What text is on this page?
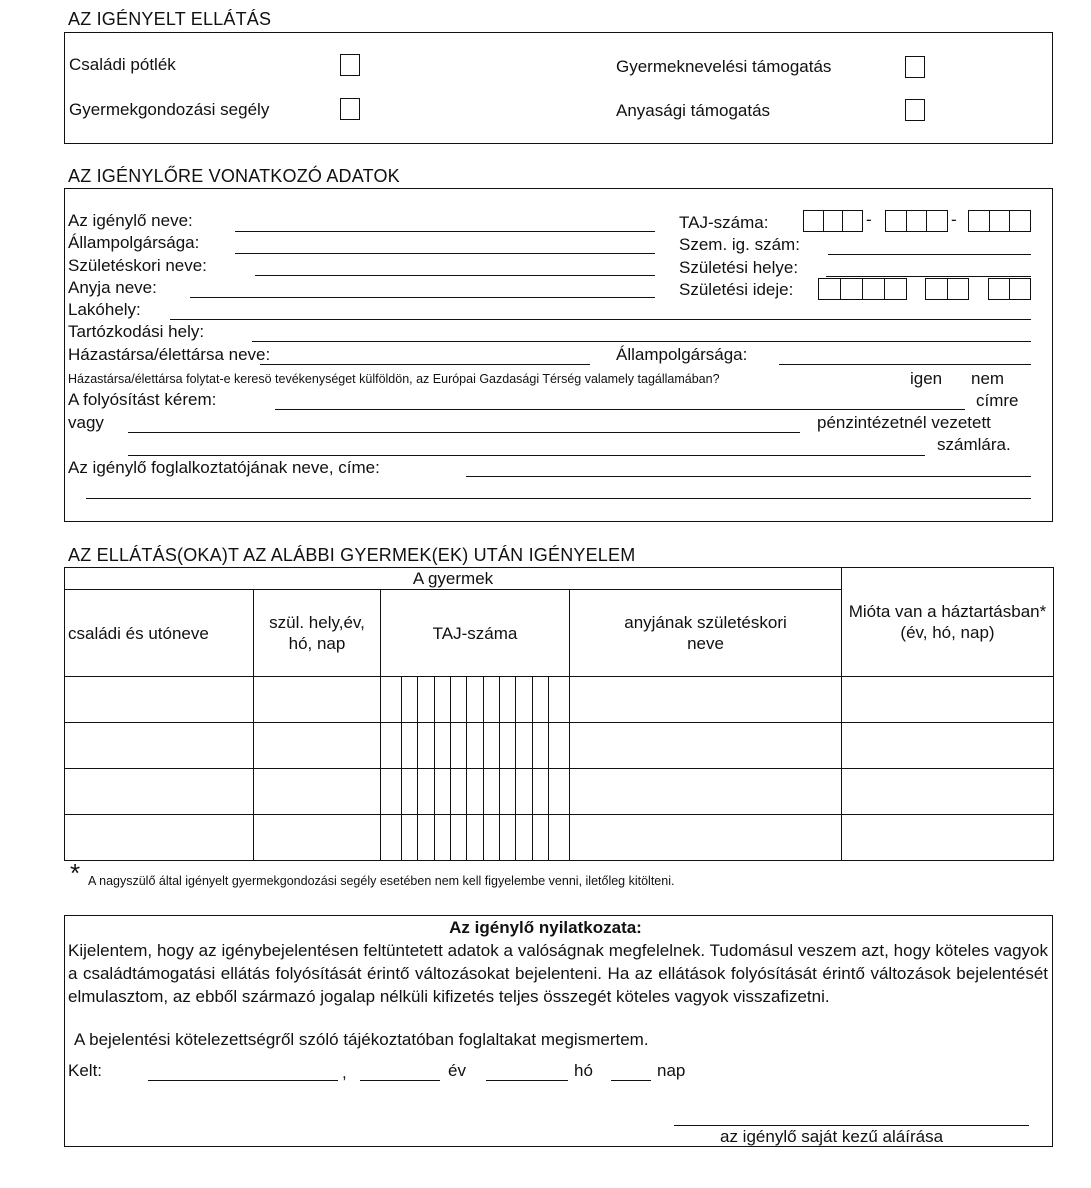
AZ IGÉNYELT ELLÁTÁS
Családi pótlék	Gyermeknevelési támogatás
Gyermekgondozási segély	Anyasági támogatás
AZ IGÉNYLŐRE VONATKOZÓ ADATOK
Az igénylő neve:
Állampolgársága:
Születéskori neve:
Anyja neve:
TAJ-száma:	-	-
Szem. ig. szám:
Születési helye:
Születési ideje:
Lakóhely:
Tartózkodási hely:
Házastársa/élettársa neve:	Állampolgársága:
Házastársa/élettársa folytat-e keresö tevékenységet külföldön, az Európai Gazdasági Térség valamely tagállamában?	igen nem
A folyósítást kérem:	címre
vagy	pénzintézetnél vezetett
számlára.
Az igénylő foglalkoztatójának neve, címe:
AZ ELLÁTÁS(OKA)T AZ ALÁBBI GYERMEK(EK) UTÁN IGÉNYELEM
A gyermek				Mióta van a háztartásban* (év, hó, nap)
családi és utóneve	szül. hely,év, hó, nap	TAJ-száma	anyjának születéskori neve	

* A nagyszülő által igényelt gyermekgondozási segély esetében nem kell figyelembe venni, iletőleg kitölteni.
Az igénylő nyilatkozata:
Kijelentem, hogy az igénybejelentésen feltüntetett adatok a valóságnak megfelelnek. Tudomásul veszem azt, hogy köteles vagyok a családtámogatási ellátás folyósítását érintő változásokat bejelenteni. Ha az ellátások folyósítását érintő változások bejelentését elmulasztom, az ebből származó jogalap nélküli kifizetés teljes összegét köteles vagyok visszafizetni.
A bejelentési kötelezettségről szóló tájékoztatóban foglaltakat megismertem.
Kelt:	,	év	hó	nap
az igénylő saját kezű aláírása
